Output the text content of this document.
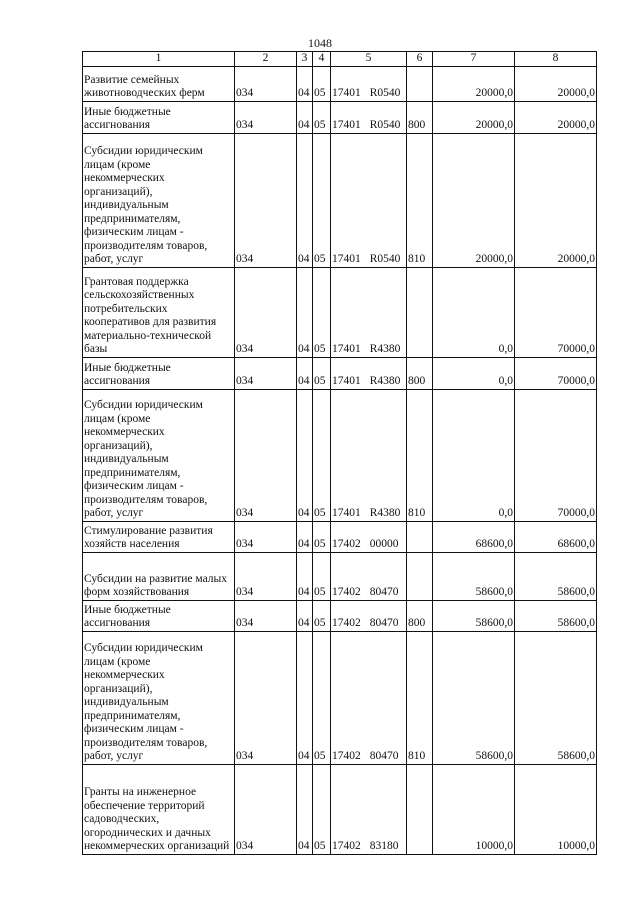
1048
1	2	3	4	5	6	7	8
Развитие семейных животноводческих ферм	034	04	05	17401 R0540		20000,0	20000,0
Иные бюджетные ассигнования	034	04	05	17401 R0540	800	20000,0	20000,0
Субсидии юридическим лицам (кроме некоммерческих организаций), индивидуальным предпринимателям, физическим лицам - производителям товаров, работ, услуг	034	04	05	17401 R0540	810	20000,0	20000,0
Грантовая поддержка сельскохозяйственных потребительских кооперативов для развития материально-технической базы	034	04	05	17401 R4380		0,0	70000,0
Иные бюджетные ассигнования	034	04	05	17401 R4380	800	0,0	70000,0
Субсидии юридическим лицам (кроме некоммерческих организаций), индивидуальным предпринимателям, физическим лицам - производителям товаров, работ, услуг	034	04	05	17401 R4380	810	0,0	70000,0
Стимулирование развития хозяйств населения	034	04	05	17402 00000		68600,0	68600,0
Субсидии на развитие малых форм хозяйствования	034	04	05	17402 80470		58600,0	58600,0
Иные бюджетные ассигнования	034	04	05	17402 80470	800	58600,0	58600,0
Субсидии юридическим лицам (кроме некоммерческих организаций), индивидуальным предпринимателям, физическим лицам - производителям товаров, работ, услуг	034	04	05	17402 80470	810	58600,0	58600,0
Гранты на инженерное обеспечение территорий садоводческих, огороднических и дачных некоммерческих организаций	034	04	05	17402 83180		10000,0	10000,0
